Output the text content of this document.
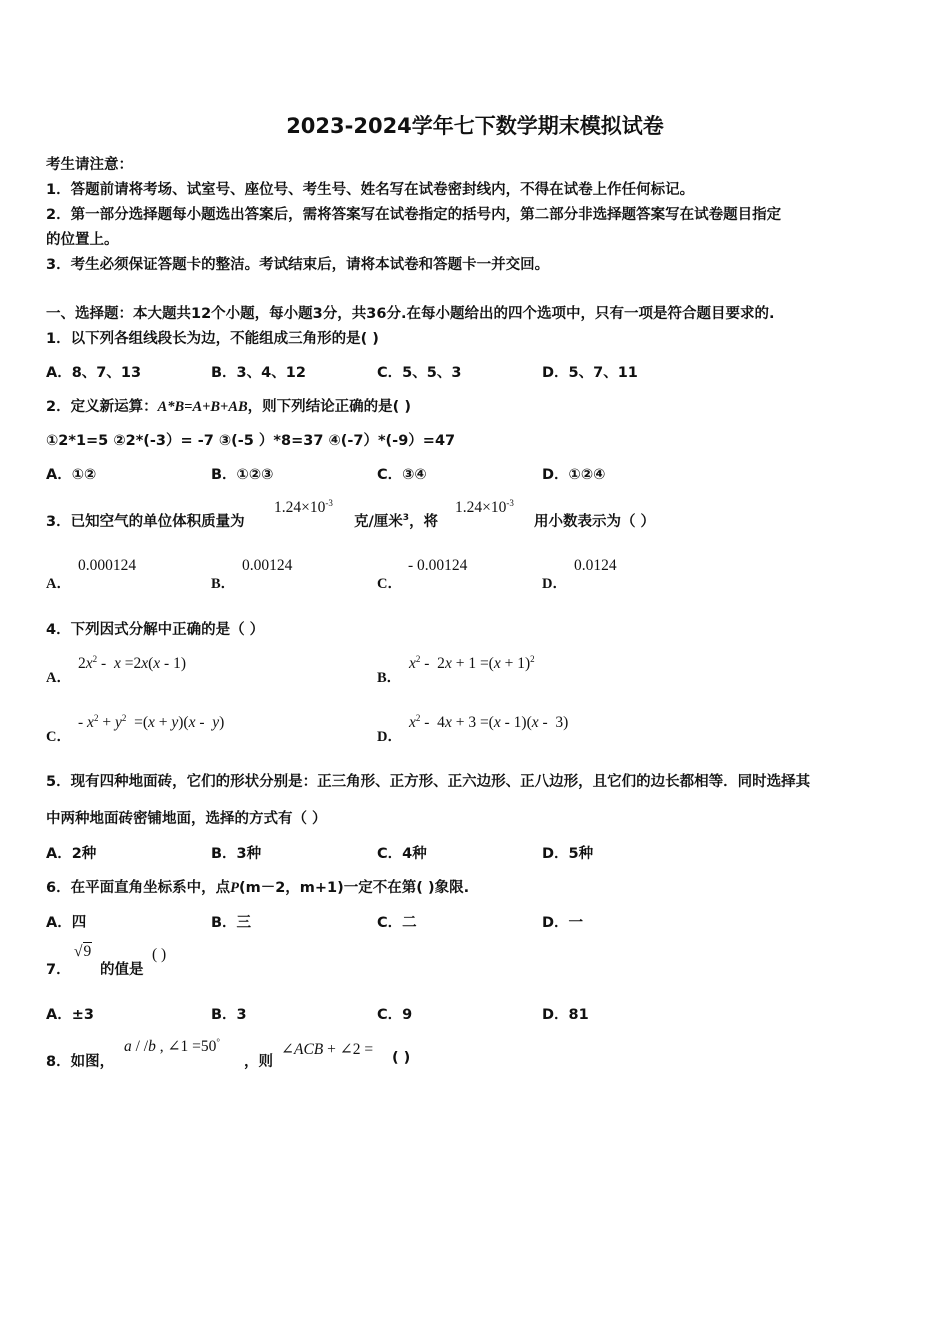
2023-2024学年七下数学期末模拟试卷
考生请注意：
1．答题前请将考场、试室号、座位号、考生号、姓名写在试卷密封线内，不得在试卷上作任何标记。
2．第一部分选择题每小题选出答案后，需将答案写在试卷指定的括号内，第二部分非选择题答案写在试卷题目指定
的位置上。
3．考生必须保证答题卡的整洁。考试结束后，请将本试卷和答题卡一并交回。
一、选择题：本大题共12个小题，每小题3分，共36分.在每小题给出的四个选项中，只有一项是符合题目要求的.
1．以下列各组线段长为边，不能组成三角形的是( )
A．8、7、13	B．3、4、12	C．5、5、3	D．5、7、11
2．定义新运算：A*B=A+B+AB，则下列结论正确的是( )
①2*1=5 ②2*(-3）= -7 ③(-5 ）*8=37 ④(-7）*(-9）=47
A．①②	B．①②③	C．③④	D．①②④
3．已知空气的单位体积质量为
$1.24\times 10^{-3}$
克/厘米$^3$，将
$1.24\times 10^{-3}$
用小数表示为（ ）
A．
0.000124
B．
0.00124
C．
- 0.00124
D．
0.0124
4．下列因式分解中正确的是（ ）
A．
$2x^2 - x =2x(x - 1)$
B．
$x^2 - 2x + 1 =(x + 1)^2$
C．
- $x^2 + y^2 =(x + y)(x - y)$
D．
$x^2 - 4x + 3 =(x - 1)(x - 3)$
5．现有四种地面砖，它们的形状分别是：正三角形、正方形、正六边形、正八边形，且它们的边长都相等．同时选择其
中两种地面砖密铺地面，选择的方式有（ ）
A．2种	B．3种	C．4种	D．5种
6．在平面直角坐标系中，点P(m－2，m+1)一定不在第( )象限.
A．四	B．三	C．二	D．一
7．
√9
的值是
( )
A．±3	B．3	C．9	D．81
8．如图，
a / /b , ∠1 =50°
，则
∠ACB + ∠2 = ( )
